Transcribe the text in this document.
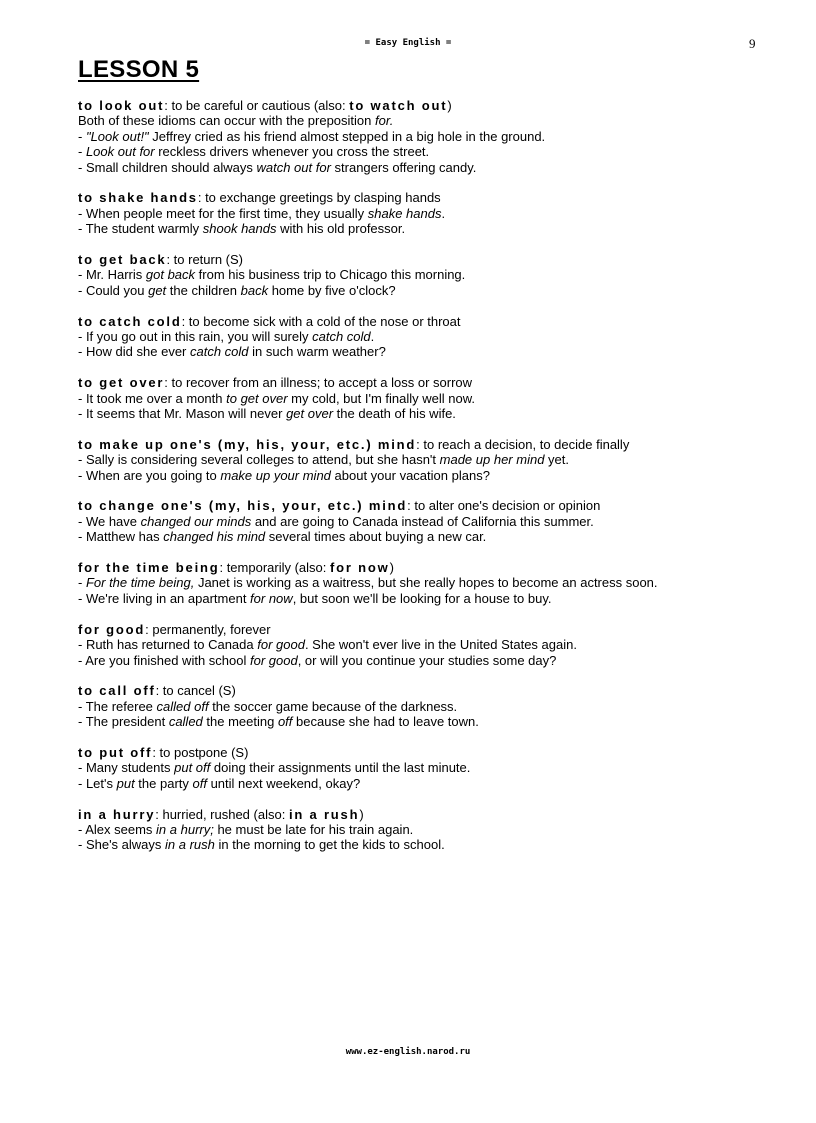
= Easy English =	9
LESSON 5

to look out: to be careful or cautious (also: to watch out)

Both of these idioms can occur with the preposition for.

- "Look out!" Jeffrey cried as his friend almost stepped in a big hole in the ground.

- Look out for reckless drivers whenever you cross the street.

- Small children should always watch out for strangers offering candy.

to shake hands: to exchange greetings by clasping hands

- When people meet for the first time, they usually shake hands.

- The student warmly shook hands with his old professor.

to get back: to return (S)

- Mr. Harris got back from his business trip to Chicago this morning.

- Could you get the children back home by five o'clock?

to catch cold: to become sick with a cold of the nose or throat

- If you go out in this rain, you will surely catch cold.

- How did she ever catch cold in such warm weather?

to get over: to recover from an illness; to accept a loss or sorrow

- It took me over a month to get over my cold, but I'm finally well now.

- It seems that Mr. Mason will never get over the death of his wife.

to make up one's (my, his, your, etc.) mind: to reach a decision, to decide finally

- Sally is considering several colleges to attend, but she hasn't made up her mind yet.

- When are you going to make up your mind about your vacation plans?

to change one's (my, his, your, etc.) mind: to alter one's decision or opinion

- We have changed our minds and are going to Canada instead of California this summer.

- Matthew has changed his mind several times about buying a new car.

for the time being: temporarily (also: for now)

- For the time being, Janet is working as a waitress, but she really hopes to become an actress soon.

- We're living in an apartment for now, but soon we'll be looking for a house to buy.

for good: permanently, forever

- Ruth has returned to Canada for good. She won't ever live in the United States again.

- Are you finished with school for good, or will you continue your studies some day?

to call off: to cancel (S)

- The referee called off the soccer game because of the darkness.

- The president called the meeting off because she had to leave town.

to put off: to postpone (S)

- Many students put off doing their assignments until the last minute.

- Let's put the party off until next weekend, okay?

in a hurry: hurried, rushed (also: in a rush)

- Alex seems in a hurry; he must be late for his train again.

- She's always in a rush in the morning to get the kids to school.

www.ez-english.narod.ru
